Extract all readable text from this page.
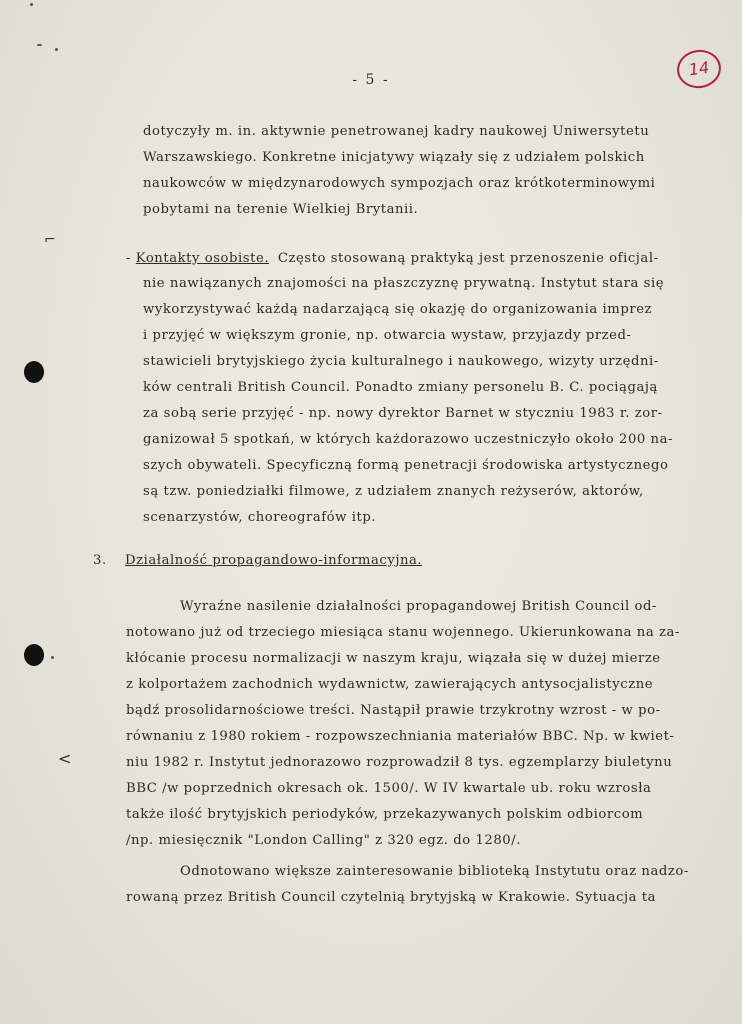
- 5 -
14
dotyczyły m. in. aktywnie penetrowanej kadry naukowej Uniwersytetu
Warszawskiego. Konkretne inicjatywy wiązały się z udziałem polskich
naukowców w międzynarodowych sympozjach oraz krótkoterminowymi
pobytami na terenie Wielkiej Brytanii.
⌐
- Kontakty osobiste. Często stosowaną praktyką jest przenoszenie oficjal-
nie nawiązanych znajomości na płaszczyznę prywatną. Instytut stara się
wykorzystywać każdą nadarzającą się okazję do organizowania imprez
i przyjęć w większym gronie, np. otwarcia wystaw, przyjazdy przed-
stawicieli brytyjskiego życia kulturalnego i naukowego, wizyty urzędni-
ków centrali British Council. Ponadto zmiany personelu B. C. pociągają
za sobą serie przyjęć - np. nowy dyrektor Barnet w styczniu 1983 r. zor-
ganizował 5 spotkań, w których każdorazowo uczestniczyło około 200 na-
szych obywateli. Specyficzną formą penetracji środowiska artystycznego
są tzw. poniedziałki filmowe, z udziałem znanych reżyserów, aktorów,
scenarzystów, choreografów itp.
3. Działalność propagandowo-informacyjna.
Wyraźne nasilenie działalności propagandowej British Council od-
notowano już od trzeciego miesiąca stanu wojennego. Ukierunkowana na za-
kłócanie procesu normalizacji w naszym kraju, wiązała się w dużej mierze
z kolportażem zachodnich wydawnictw, zawierających antysocjalistyczne
bądź prosolidarnościowe treści. Nastąpił prawie trzykrotny wzrost - w po-
równaniu z 1980 rokiem - rozpowszechniania materiałów BBC. Np. w kwiet-
niu 1982 r. Instytut jednorazowo rozprowadził 8 tys. egzemplarzy biuletynu
BBC /w poprzednich okresach ok. 1500/. W IV kwartale ub. roku wzrosła
także ilość brytyjskich periodyków, przekazywanych polskim odbiorcom
/np. miesięcznik "London Calling" z 320 egz. do 1280/.
<
Odnotowano większe zainteresowanie biblioteką Instytutu oraz nadzo-
rowaną przez British Council czytelnią brytyjską w Krakowie. Sytuacja ta
